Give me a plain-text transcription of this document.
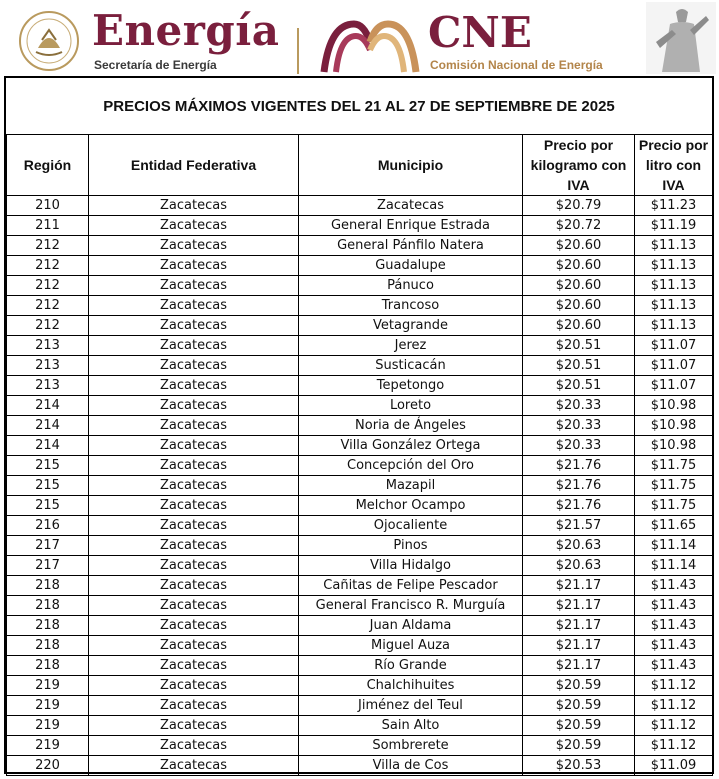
Energía
Secretaría de Energía
CNE
Comisión Nacional de Energía
PRECIOS MÁXIMOS VIGENTES DEL 21 AL 27 DE SEPTIEMBRE DE 2025
Región	Entidad Federativa	Municipio	Precio por kilogramo con IVA	Precio por litro con IVA
210	Zacatecas	Zacatecas	$20.79	$11.23
211	Zacatecas	General Enrique Estrada	$20.72	$11.19
212	Zacatecas	General Pánfilo Natera	$20.60	$11.13
212	Zacatecas	Guadalupe	$20.60	$11.13
212	Zacatecas	Pánuco	$20.60	$11.13
212	Zacatecas	Trancoso	$20.60	$11.13
212	Zacatecas	Vetagrande	$20.60	$11.13
213	Zacatecas	Jerez	$20.51	$11.07
213	Zacatecas	Susticacán	$20.51	$11.07
213	Zacatecas	Tepetongo	$20.51	$11.07
214	Zacatecas	Loreto	$20.33	$10.98
214	Zacatecas	Noria de Ángeles	$20.33	$10.98
214	Zacatecas	Villa González Ortega	$20.33	$10.98
215	Zacatecas	Concepción del Oro	$21.76	$11.75
215	Zacatecas	Mazapil	$21.76	$11.75
215	Zacatecas	Melchor Ocampo	$21.76	$11.75
216	Zacatecas	Ojocaliente	$21.57	$11.65
217	Zacatecas	Pinos	$20.63	$11.14
217	Zacatecas	Villa Hidalgo	$20.63	$11.14
218	Zacatecas	Cañitas de Felipe Pescador	$21.17	$11.43
218	Zacatecas	General Francisco R. Murguía	$21.17	$11.43
218	Zacatecas	Juan Aldama	$21.17	$11.43
218	Zacatecas	Miguel Auza	$21.17	$11.43
218	Zacatecas	Río Grande	$21.17	$11.43
219	Zacatecas	Chalchihuites	$20.59	$11.12
219	Zacatecas	Jiménez del Teul	$20.59	$11.12
219	Zacatecas	Sain Alto	$20.59	$11.12
219	Zacatecas	Sombrerete	$20.59	$11.12
220	Zacatecas	Villa de Cos	$20.53	$11.09
